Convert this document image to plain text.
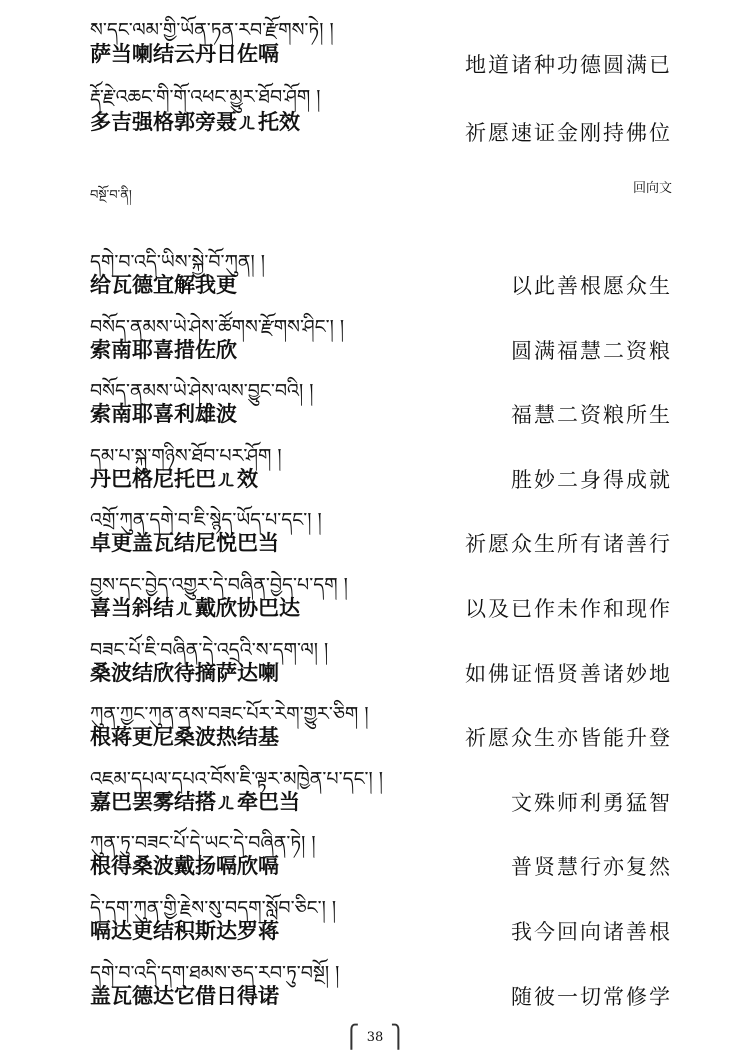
ས་དང་ལམ་གྱི་ཡོན་ཏན་རབ་རྫོགས་ཏེ། །
萨当喇结云丹日佐嗝	地道诸种功德圆满已
རྡོ་རྗེ་འཆང་གི་གོ་འཕང་མྱུར་ཐོབ་ཤོག །
多吉强格郭旁聂ㄦ托效	祈愿速证金刚持佛位
བསྔོ་བ་ནི།	回向文
དགེ་བ་འདི་ཡིས་སྐྱེ་བོ་ཀུན། །
给瓦德宜解我更	以此善根愿众生
བསོད་ནམས་ཡེ་ཤེས་ཚོགས་རྫོགས་ཤིང་། །
索南耶喜措佐欣	圆满福慧二资粮
བསོད་ནམས་ཡེ་ཤེས་ལས་བྱུང་བའི། །
索南耶喜利雄波	福慧二资粮所生
དམ་པ་སྐུ་གཉིས་ཐོབ་པར་ཤོག །
丹巴格尼托巴ㄦ效	胜妙二身得成就
འགྲོ་ཀུན་དགེ་བ་ཇི་སྙེད་ཡོད་པ་དང་། །
卓更盖瓦结尼悦巴当	祈愿众生所有诸善行
བྱས་དང་བྱེད་འགྱུར་དེ་བཞིན་བྱེད་པ་དག །
喜当斜结ㄦ戴欣协巴达	以及已作未作和现作
བཟང་པོ་ཇི་བཞིན་དེ་འདྲའི་ས་དག་ལ། །
桑波结欣待摘萨达喇	如佛证悟贤善诸妙地
ཀུན་ཀྱང་ཀུན་ནས་བཟང་པོར་རེག་གྱུར་ཅིག །
根蒋更尼桑波热结基	祈愿众生亦皆能升登
འཇམ་དཔལ་དཔའ་བོས་ཇི་ལྟར་མཁྱེན་པ་དང་། །
嘉巴罢雾结搭ㄦ牵巴当	文殊师利勇猛智
ཀུན་ཏུ་བཟང་པོ་དེ་ཡང་དེ་བཞིན་ཏེ། །
根得桑波戴扬嗝欣嗝	普贤慧行亦复然
དེ་དག་ཀུན་གྱི་རྗེས་སུ་བདག་སློབ་ཅིང་། །
嗝达更结积斯达罗蒋	我今回向诸善根
དགེ་བ་འདི་དག་ཐམས་ཅད་རབ་ཏུ་བསྔོ། །
盖瓦德达它借日得诺	随彼一切常修学
⎧ 38 ⎫
